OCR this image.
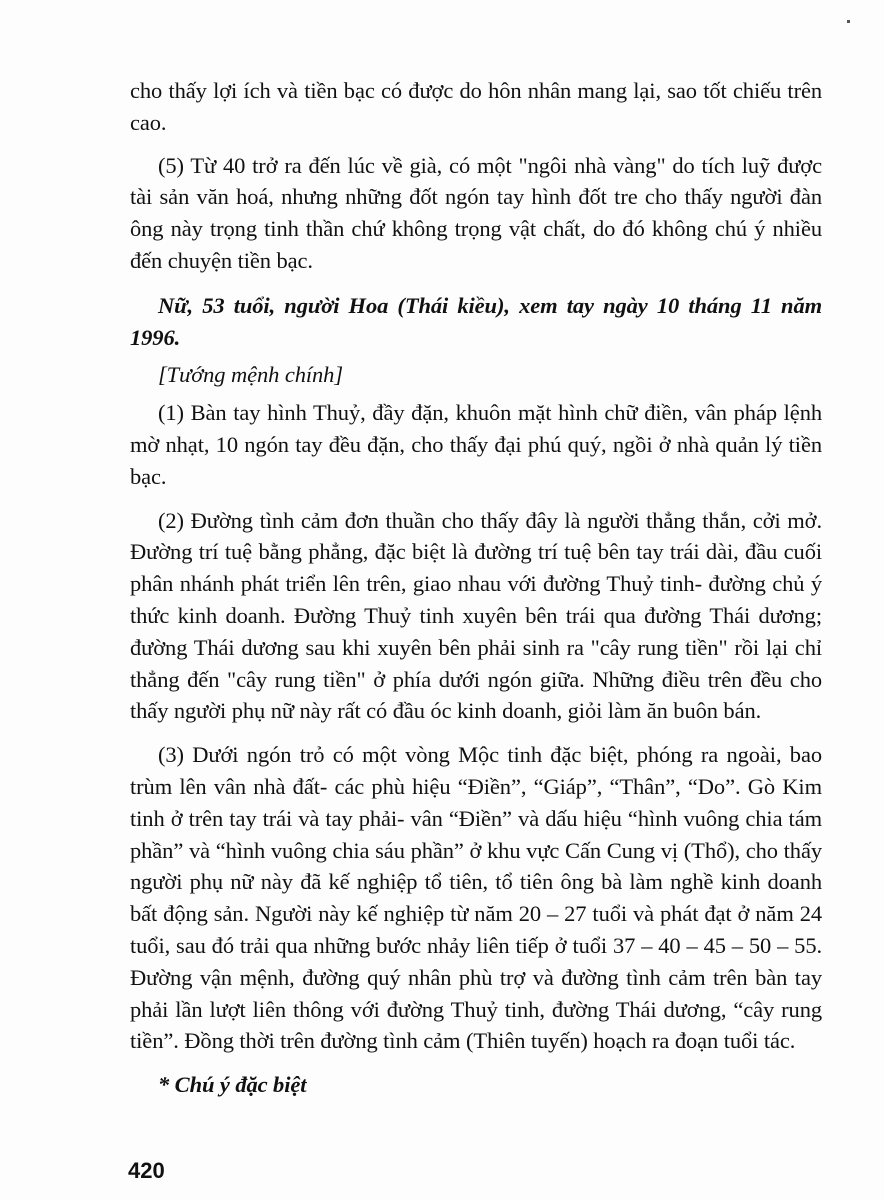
cho thấy lợi ích và tiền bạc có được do hôn nhân mang lại, sao tốt chiếu trên cao.

(5) Từ 40 trở ra đến lúc về già, có một "ngôi nhà vàng" do tích luỹ được tài sản văn hoá, nhưng những đốt ngón tay hình đốt tre cho thấy người đàn ông này trọng tinh thần chứ không trọng vật chất, do đó không chú ý nhiều đến chuyện tiền bạc.

Nữ, 53 tuổi, người Hoa (Thái kiều), xem tay ngày 10 tháng 11 năm 1996.

[Tướng mệnh chính]

(1) Bàn tay hình Thuỷ, đầy đặn, khuôn mặt hình chữ điền, vân pháp lệnh mờ nhạt, 10 ngón tay đều đặn, cho thấy đại phú quý, ngồi ở nhà quản lý tiền bạc.

(2) Đường tình cảm đơn thuần cho thấy đây là người thẳng thắn, cởi mở. Đường trí tuệ bằng phẳng, đặc biệt là đường trí tuệ bên tay trái dài, đầu cuối phân nhánh phát triển lên trên, giao nhau với đường Thuỷ tinh- đường chủ ý thức kinh doanh. Đường Thuỷ tinh xuyên bên trái qua đường Thái dương; đường Thái dương sau khi xuyên bên phải sinh ra "cây rung tiền" rồi lại chỉ thẳng đến "cây rung tiền" ở phía dưới ngón giữa. Những điều trên đều cho thấy người phụ nữ này rất có đầu óc kinh doanh, giỏi làm ăn buôn bán.

(3) Dưới ngón trỏ có một vòng Mộc tinh đặc biệt, phóng ra ngoài, bao trùm lên vân nhà đất- các phù hiệu “Điền”, “Giáp”, “Thân”, “Do”. Gò Kim tinh ở trên tay trái và tay phải- vân “Điền” và dấu hiệu “hình vuông chia tám phần” và “hình vuông chia sáu phần” ở khu vực Cấn Cung vị (Thổ), cho thấy người phụ nữ này đã kế nghiệp tổ tiên, tổ tiên ông bà làm nghề kinh doanh bất động sản. Người này kế nghiệp từ năm 20 – 27 tuổi và phát đạt ở năm 24 tuổi, sau đó trải qua những bước nhảy liên tiếp ở tuổi 37 – 40 – 45 – 50 – 55. Đường vận mệnh, đường quý nhân phù trợ và đường tình cảm trên bàn tay phải lần lượt liên thông với đường Thuỷ tinh, đường Thái dương, “cây rung tiền”. Đồng thời trên đường tình cảm (Thiên tuyến) hoạch ra đoạn tuổi tác.

* Chú ý đặc biệt

420
